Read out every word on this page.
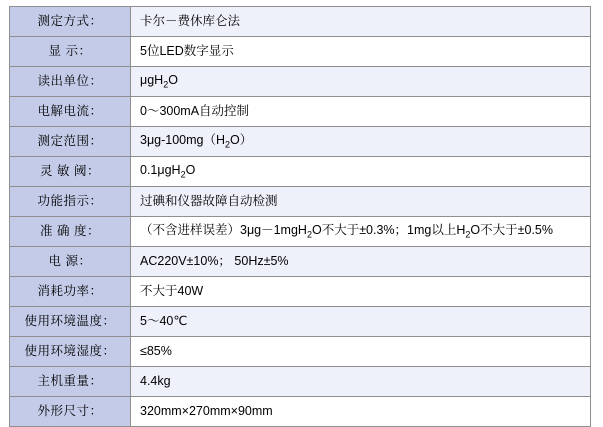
测定方式：	卡尔－费休库仑法
显 示：	5位LED数字显示
读出单位：	μgH$_2$O
电解电流：	0～300mA自动控制
测定范围：	$3\mu g-100mg(H_2O)$
灵 敏 阈：	0.1μgH$_2$O
功能指示：	过碘和仪器故障自动检测
准 确 度：	（不含进样误差）3μg－1mgH$_2$O不大于±0.3%；1mg以上$H_2O$不大于±0.5%
电 源：	AC220V±10%； 50Hz±5%
消耗功率：	不大于40W
使用环境温度：	5～40℃
使用环境湿度：	≤85%
主机重量：	4.4kg
外形尺寸：	320mm×270mm×90mm
